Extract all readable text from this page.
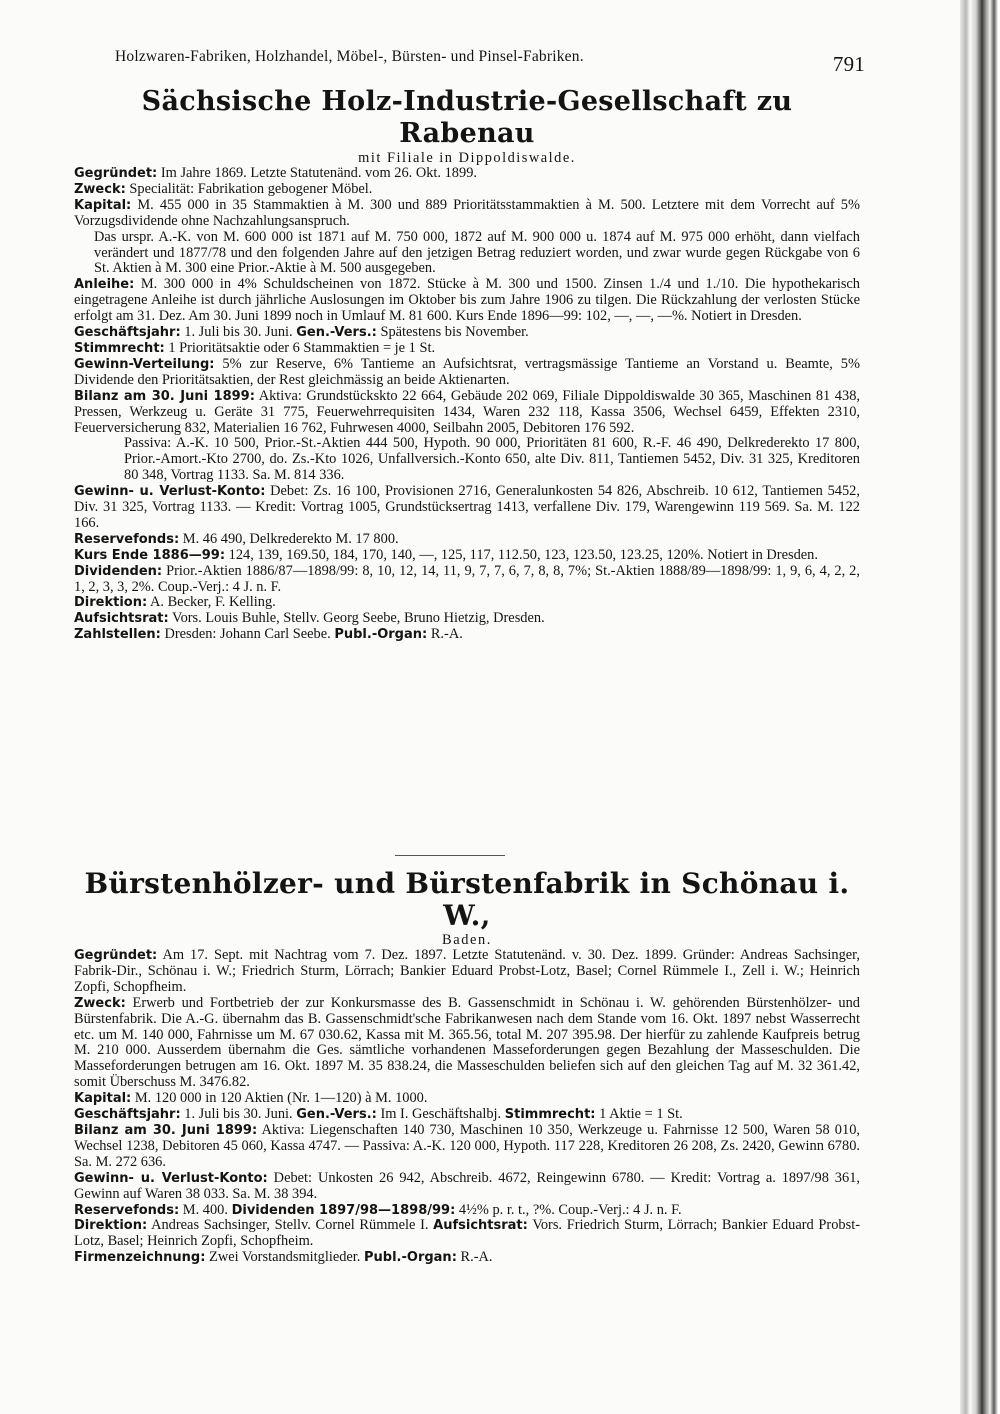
Holzwaren-Fabriken, Holzhandel, Möbel-, Bürsten- und Pinsel-Fabriken.	791
Sächsische Holz-Industrie-Gesellschaft zu Rabenau
mit Filiale in Dippoldiswalde.

Gegründet: Im Jahre 1869. Letzte Statutenänd. vom 26. Okt. 1899.

Zweck: Specialität: Fabrikation gebogener Möbel.

Kapital: M. 455 000 in 35 Stammaktien à M. 300 und 889 Prioritätsstammaktien à M. 500. Letztere mit dem Vorrecht auf 5% Vorzugsdividende ohne Nachzahlungsanspruch.
Das urspr. A.-K. von M. 600 000 ist 1871 auf M. 750 000, 1872 auf M. 900 000 u. 1874 auf M. 975 000 erhöht, dann vielfach verändert und 1877/78 und den folgenden Jahre auf den jetzigen Betrag reduziert worden, und zwar wurde gegen Rückgabe von 6 St. Aktien à M. 300 eine Prior.-Aktie à M. 500 ausgegeben.

Anleihe: M. 300 000 in 4% Schuldscheinen von 1872. Stücke à M. 300 und 1500. Zinsen 1./4 und 1./10. Die hypothekarisch eingetragene Anleihe ist durch jährliche Auslosungen im Oktober bis zum Jahre 1906 zu tilgen. Die Rückzahlung der verlosten Stücke erfolgt am 31. Dez. Am 30. Juni 1899 noch in Umlauf M. 81 600. Kurs Ende 1896—99: 102, —, —, —%. Notiert in Dresden.

Geschäftsjahr: 1. Juli bis 30. Juni. Gen.-Vers.: Spätestens bis November.

Stimmrecht: 1 Prioritätsaktie oder 6 Stammaktien = je 1 St.

Gewinn-Verteilung: 5% zur Reserve, 6% Tantieme an Aufsichtsrat, vertragsmässige Tantieme an Vorstand u. Beamte, 5% Dividende den Prioritätsaktien, der Rest gleichmässig an beide Aktienarten.

Bilanz am 30. Juni 1899: Aktiva: Grundstückskto 22 664, Gebäude 202 069, Filiale Dippoldiswalde 30 365, Maschinen 81 438, Pressen, Werkzeug u. Geräte 31 775, Feuerwehrrequisiten 1434, Waren 232 118, Kassa 3506, Wechsel 6459, Effekten 2310, Feuerversicherung 832, Materialien 16 762, Fuhrwesen 4000, Seilbahn 2005, Debitoren 176 592.
Passiva: A.-K. 10 500, Prior.-St.-Aktien 444 500, Hypoth. 90 000, Prioritäten 81 600, R.-F. 46 490, Delkrederekto 17 800, Prior.-Amort.-Kto 2700, do. Zs.-Kto 1026, Unfallversich.-Konto 650, alte Div. 811, Tantiemen 5452, Div. 31 325, Kreditoren 80 348, Vortrag 1133. Sa. M. 814 336.

Gewinn- u. Verlust-Konto: Debet: Zs. 16 100, Provisionen 2716, Generalunkosten 54 826, Abschreib. 10 612, Tantiemen 5452, Div. 31 325, Vortrag 1133. — Kredit: Vortrag 1005, Grundstücksertrag 1413, verfallene Div. 179, Warengewinn 119 569. Sa. M. 122 166.

Reservefonds: M. 46 490, Delkrederekto M. 17 800.

Kurs Ende 1886—99: 124, 139, 169.50, 184, 170, 140, —, 125, 117, 112.50, 123, 123.50, 123.25, 120%. Notiert in Dresden.

Dividenden: Prior.-Aktien 1886/87—1898/99: 8, 10, 12, 14, 11, 9, 7, 7, 6, 7, 8, 8, 7%; St.-Aktien 1888/89—1898/99: 1, 9, 6, 4, 2, 2, 1, 2, 3, 3, 2%. Coup.-Verj.: 4 J. n. F.

Direktion: A. Becker, F. Kelling.

Aufsichtsrat: Vors. Louis Buhle, Stellv. Georg Seebe, Bruno Hietzig, Dresden.

Zahlstellen: Dresden: Johann Carl Seebe. Publ.-Organ: R.-A.

Bürstenhölzer- und Bürstenfabrik in Schönau i. W.,
Baden.

Gegründet: Am 17. Sept. mit Nachtrag vom 7. Dez. 1897. Letzte Statutenänd. v. 30. Dez. 1899. Gründer: Andreas Sachsinger, Fabrik-Dir., Schönau i. W.; Friedrich Sturm, Lörrach; Bankier Eduard Probst-Lotz, Basel; Cornel Rümmele I., Zell i. W.; Heinrich Zopfi, Schopfheim.

Zweck: Erwerb und Fortbetrieb der zur Konkursmasse des B. Gassenschmidt in Schönau i. W. gehörenden Bürstenhölzer- und Bürstenfabrik. Die A.-G. übernahm das B. Gassenschmidt'sche Fabrikanwesen nach dem Stande vom 16. Okt. 1897 nebst Wasserrecht etc. um M. 140 000, Fahrnisse um M. 67 030.62, Kassa mit M. 365.56, total M. 207 395.98. Der hierfür zu zahlende Kaufpreis betrug M. 210 000. Ausserdem übernahm die Ges. sämtliche vorhandenen Masseforderungen gegen Bezahlung der Masseschulden. Die Masseforderungen betrugen am 16. Okt. 1897 M. 35 838.24, die Masseschulden beliefen sich auf den gleichen Tag auf M. 32 361.42, somit Überschuss M. 3476.82.

Kapital: M. 120 000 in 120 Aktien (Nr. 1—120) à M. 1000.

Geschäftsjahr: 1. Juli bis 30. Juni. Gen.-Vers.: Im I. Geschäftshalbj. Stimmrecht: 1 Aktie = 1 St.

Bilanz am 30. Juni 1899: Aktiva: Liegenschaften 140 730, Maschinen 10 350, Werkzeuge u. Fahrnisse 12 500, Waren 58 010, Wechsel 1238, Debitoren 45 060, Kassa 4747. — Passiva: A.-K. 120 000, Hypoth. 117 228, Kreditoren 26 208, Zs. 2420, Gewinn 6780. Sa. M. 272 636.

Gewinn- u. Verlust-Konto: Debet: Unkosten 26 942, Abschreib. 4672, Reingewinn 6780. — Kredit: Vortrag a. 1897/98 361, Gewinn auf Waren 38 033. Sa. M. 38 394.

Reservefonds: M. 400. Dividenden 1897/98—1898/99: 4½% p. r. t., ?%. Coup.-Verj.: 4 J. n. F.

Direktion: Andreas Sachsinger, Stellv. Cornel Rümmele I. Aufsichtsrat: Vors. Friedrich Sturm, Lörrach; Bankier Eduard Probst-Lotz, Basel; Heinrich Zopfi, Schopfheim.

Firmenzeichnung: Zwei Vorstandsmitglieder. Publ.-Organ: R.-A.
